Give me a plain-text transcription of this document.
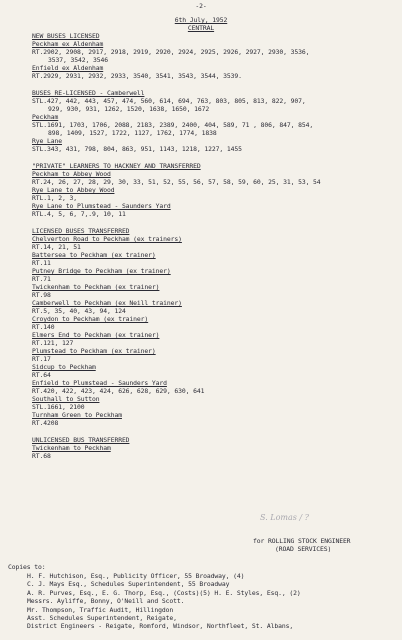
-2-
6th July, 1952
CENTRAL
NEW BUSES LICENSED
Peckham ex Aldenham
RT.2902, 2908, 2917, 2918, 2919, 2920, 2924, 2925, 2926, 2927, 2930, 3536,
3537, 3542, 3546
Enfield ex Aldenham
RT.2929, 2931, 2932, 2933, 3540, 3541, 3543, 3544, 3539.
BUSES RE-LICENSED - Camberwell
STL.427, 442, 443, 457, 474, 560, 614, 694, 763, 803, 805, 813, 822, 907,
929, 930, 931, 1262, 1520, 1638, 1650, 1672
Peckham
STL.1691, 1703, 1706, 2088, 2183, 2389, 2400, 404, 589, 71 , 806, 847, 854,
898, 1409, 1527, 1722, 1127, 1762, 1774, 1838
Rye Lane
STL.343, 431, 798, 804, 863, 951, 1143, 1218, 1227, 1455
"PRIVATE" LEARNERS TO HACKNEY AND TRANSFERRED
Peckham to Abbey Wood
RT.24, 26, 27, 28, 29, 30, 33, 51, 52, 55, 56, 57, 58, 59, 60, 25, 31, 53, 54
Rye Lane to Abbey Wood
RTL.1, 2, 3,
Rye Lane to Plumstead - Saunders Yard
RTL.4, 5, 6, 7,.9, 10, 11
LICENSED BUSES TRANSFERRED
Chelverton Road to Peckham (ex trainers)
RT.14, 21, 51
Battersea to Peckham (ex trainer)
RT.11
Putney Bridge to Peckham (ex trainer)
RT.71
Twickenham to Peckham (ex trainer)
RT.98
Camberwell to Peckham (ex Neill trainer)
RT.5, 35, 40, 43, 94, 124
Croydon to Peckham (ex trainer)
RT.140
Elmers End to Peckham (ex trainer)
RT.121, 127
Plumstead to Peckham (ex trainer)
RT.17
Sidcup to Peckham
RT.64
Enfield to Plumstead - Saunders Yard
RT.420, 422, 423, 424, 626, 628, 629, 630, 641
Southall to Sutton
STL.1661, 2100
Turnham Green to Peckham
RT.4208
UNLICENSED BUS TRANSFERRED
Twickenham to Peckham
RT.68
S. Lomas / ?
for ROLLING STOCK ENGINEER
(ROAD SERVICES)
Copies to:
H. F. Hutchison, Esq., Publicity Officer, 55 Broadway, (4)
C. J. Mays Esq., Schedules Superintendent, 55 Broadway
A. R. Purves, Esq., E. G. Thorp, Esq., (Costs)(5) H. E. Styles, Esq., (2)
Messrs. Ayliffe, Bonny, O'Neill and Scott.
Mr. Thompson, Traffic Audit, Hillingdon
Asst. Schedules Superintendent, Reigate,
District Engineers - Reigate, Romford, Windsor, Northfleet, St. Albans,
